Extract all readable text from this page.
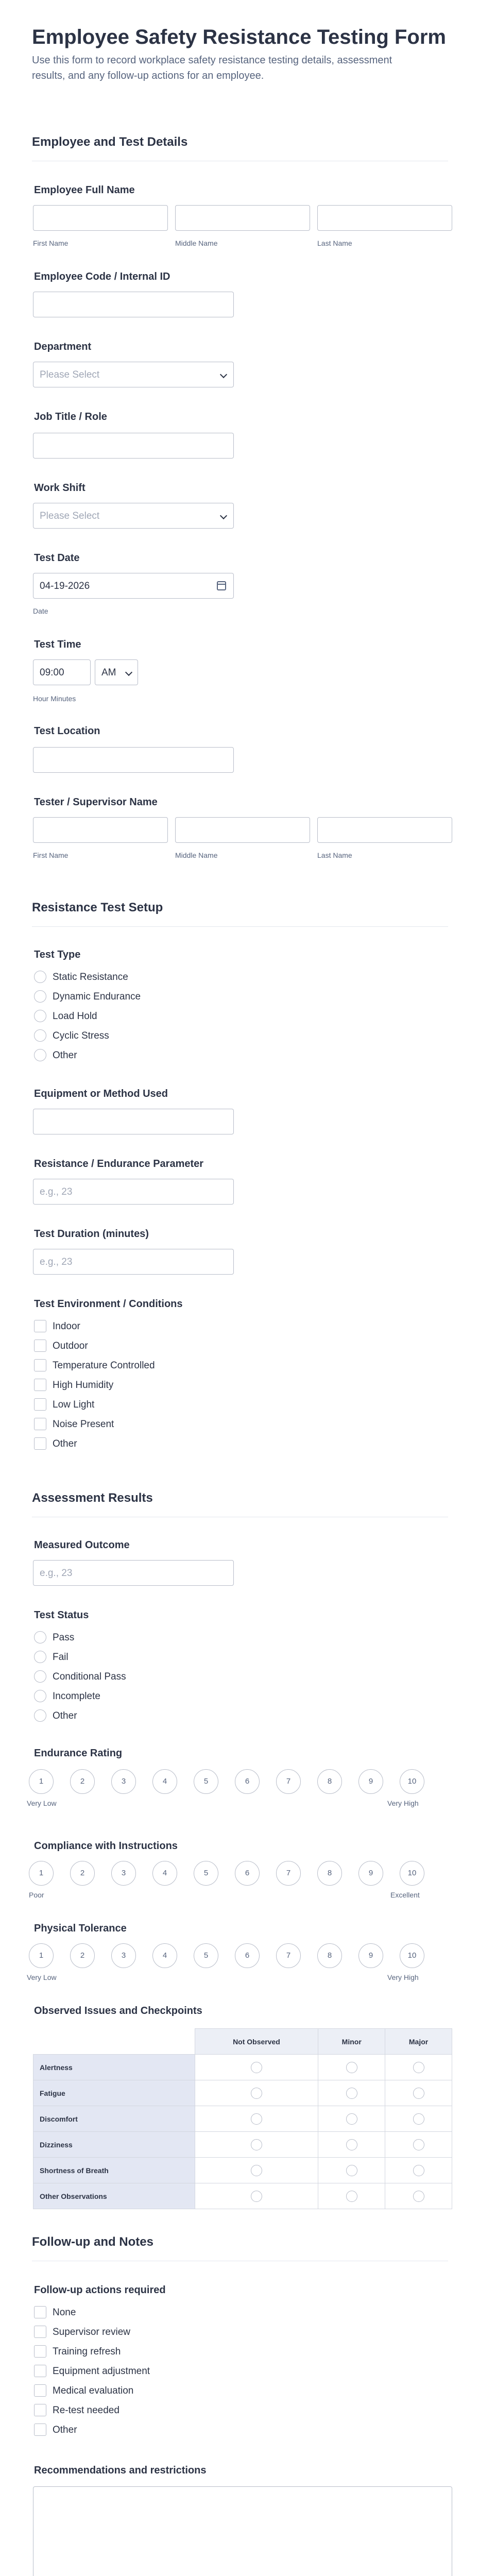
Employee Safety Resistance Testing Form
Use this form to record workplace safety resistance testing details, assessment results, and any follow-up actions for an employee.
Employee and Test Details
Employee Full Name
First Name	Middle Name	Last Name
Employee Code / Internal ID
Department
Please Select
Job Title / Role
Work Shift
Please Select
Test Date
04-19-2026
Date
Test Time
09:00	AM
Hour Minutes
Test Location
Tester / Supervisor Name
First Name	Middle Name	Last Name
Resistance Test Setup
Test Type
Static Resistance
Dynamic Endurance
Load Hold
Cyclic Stress
Other
Equipment or Method Used
Resistance / Endurance Parameter
e.g., 23
Test Duration (minutes)
e.g., 23
Test Environment / Conditions
Indoor
Outdoor
Temperature Controlled
High Humidity
Low Light
Noise Present
Other
Assessment Results
Measured Outcome
e.g., 23
Test Status
Pass
Fail
Conditional Pass
Incomplete
Other
Endurance Rating
1	2	3	4	5	6	7	8	9	10
Very Low	Very High
Compliance with Instructions
1	2	3	4	5	6	7	8	9	10
Poor	Excellent
Physical Tolerance
1	2	3	4	5	6	7	8	9	10
Very Low	Very High
Observed Issues and Checkpoints
	Not Observed	Minor	Major
Alertness			
Fatigue			
Discomfort			
Dizziness			
Shortness of Breath			
Other Observations			
Follow-up and Notes
Follow-up actions required
None
Supervisor review
Training refresh
Equipment adjustment
Medical evaluation
Re-test needed
Other
Recommendations and restrictions
